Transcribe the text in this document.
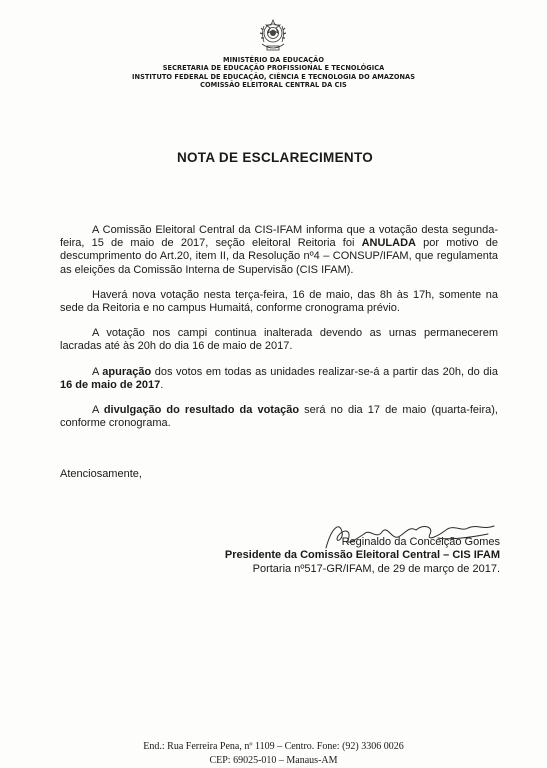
MINISTÉRIO DA EDUCAÇÃO
SECRETARIA DE EDUCAÇÃO PROFISSIONAL E TECNOLÓGICA
INSTITUTO FEDERAL DE EDUCAÇÃO, CIÊNCIA E TECNOLOGIA DO AMAZONAS
COMISSÃO ELEITORAL CENTRAL DA CIS
NOTA DE ESCLARECIMENTO

A Comissão Eleitoral Central da CIS-IFAM informa que a votação desta segunda-feira, 15 de maio de 2017, seção eleitoral Reitoria foi ANULADA por motivo de descumprimento do Art.20, item II, da Resolução nº4 – CONSUP/IFAM, que regulamenta as eleições da Comissão Interna de Supervisão (CIS IFAM).

Haverá nova votação nesta terça-feira, 16 de maio, das 8h às 17h, somente na sede da Reitoria e no campus Humaitá, conforme cronograma prévio.

A votação nos campi continua inalterada devendo as urnas permanecerem lacradas até às 20h do dia 16 de maio de 2017.

A apuração dos votos em todas as unidades realizar-se-á a partir das 20h, do dia 16 de maio de 2017.

A divulgação do resultado da votação será no dia 17 de maio (quarta-feira), conforme cronograma.

Atenciosamente,
Reginaldo da Conceição Gomes
Presidente da Comissão Eleitoral Central – CIS IFAM
Portaria nº517-GR/IFAM, de 29 de março de 2017.
End.: Rua Ferreira Pena, nº 1109 – Centro. Fone: (92) 3306 0026
CEP: 69025-010 – Manaus-AM
